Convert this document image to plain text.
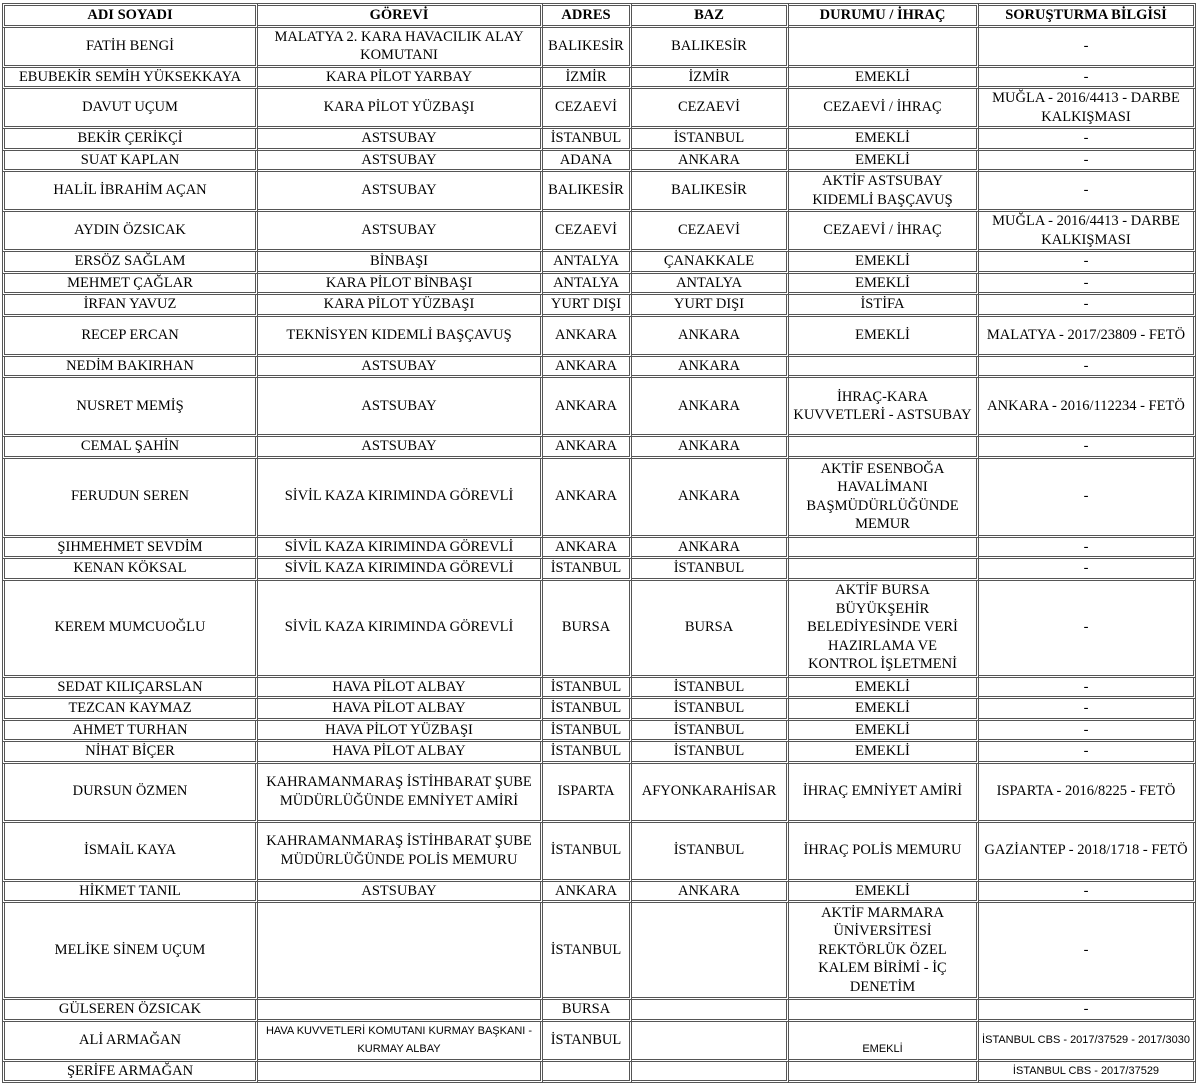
ADI SOYADI	GÖREVİ	ADRES	BAZ	DURUMU / İHRAÇ	SORUŞTURMA BİLGİSİ
FATİH BENGİ	MALATYA 2. KARA HAVACILIK ALAY KOMUTANI	BALIKESİR	BALIKESİR		-
EBUBEKİR SEMİH YÜKSEKKAYA	KARA PİLOT YARBAY	İZMİR	İZMİR	EMEKLİ	-
DAVUT UÇUM	KARA PİLOT YÜZBAŞI	CEZAEVİ	CEZAEVİ	CEZAEVİ / İHRAÇ	MUĞLA - 2016/4413 - DARBE KALKIŞMASI
BEKİR ÇERİKÇİ	ASTSUBAY	İSTANBUL	İSTANBUL	EMEKLİ	-
SUAT KAPLAN	ASTSUBAY	ADANA	ANKARA	EMEKLİ	-
HALİL İBRAHİM AÇAN	ASTSUBAY	BALIKESİR	BALIKESİR	AKTİF ASTSUBAY KIDEMLİ BAŞÇAVUŞ	-
AYDIN ÖZSICAK	ASTSUBAY	CEZAEVİ	CEZAEVİ	CEZAEVİ / İHRAÇ	MUĞLA - 2016/4413 - DARBE KALKIŞMASI
ERSÖZ SAĞLAM	BİNBAŞI	ANTALYA	ÇANAKKALE	EMEKLİ	-
MEHMET ÇAĞLAR	KARA PİLOT BİNBAŞI	ANTALYA	ANTALYA	EMEKLİ	-
İRFAN YAVUZ	KARA PİLOT YÜZBAŞI	YURT DIŞI	YURT DIŞI	İSTİFA	-
RECEP ERCAN	TEKNİSYEN KIDEMLİ BAŞÇAVUŞ	ANKARA	ANKARA	EMEKLİ	MALATYA - 2017/23809 - FETÖ
NEDİM BAKIRHAN	ASTSUBAY	ANKARA	ANKARA		-
NUSRET MEMİŞ	ASTSUBAY	ANKARA	ANKARA	İHRAÇ-KARA KUVVETLERİ - ASTSUBAY	ANKARA - 2016/112234 - FETÖ
CEMAL ŞAHİN	ASTSUBAY	ANKARA	ANKARA		-
FERUDUN SEREN	SİVİL KAZA KIRIMINDA GÖREVLİ	ANKARA	ANKARA	AKTİF ESENBOĞA HAVALİMANI BAŞMÜDÜRLÜĞÜNDE MEMUR	-
ŞIHMEHMET SEVDİM	SİVİL KAZA KIRIMINDA GÖREVLİ	ANKARA	ANKARA		-
KENAN KÖKSAL	SİVİL KAZA KIRIMINDA GÖREVLİ	İSTANBUL	İSTANBUL		-
KEREM MUMCUOĞLU	SİVİL KAZA KIRIMINDA GÖREVLİ	BURSA	BURSA	AKTİF BURSA BÜYÜKŞEHİR BELEDİYESİNDE VERİ HAZIRLAMA VE KONTROL İŞLETMENİ	-
SEDAT KILIÇARSLAN	HAVA PİLOT ALBAY	İSTANBUL	İSTANBUL	EMEKLİ	-
TEZCAN KAYMAZ	HAVA PİLOT ALBAY	İSTANBUL	İSTANBUL	EMEKLİ	-
AHMET TURHAN	HAVA PİLOT YÜZBAŞI	İSTANBUL	İSTANBUL	EMEKLİ	-
NİHAT BİÇER	HAVA PİLOT ALBAY	İSTANBUL	İSTANBUL	EMEKLİ	-
DURSUN ÖZMEN	KAHRAMANMARAŞ İSTİHBARAT ŞUBE MÜDÜRLÜĞÜNDE EMNİYET AMİRİ	ISPARTA	AFYONKARAHİSAR	İHRAÇ EMNİYET AMİRİ	ISPARTA - 2016/8225 - FETÖ
İSMAİL KAYA	KAHRAMANMARAŞ İSTİHBARAT ŞUBE MÜDÜRLÜĞÜNDE POLİS MEMURU	İSTANBUL	İSTANBUL	İHRAÇ POLİS MEMURU	GAZİANTEP - 2018/1718 - FETÖ
HİKMET TANIL	ASTSUBAY	ANKARA	ANKARA	EMEKLİ	-
MELİKE SİNEM UÇUM		İSTANBUL		AKTİF MARMARA ÜNİVERSİTESİ REKTÖRLÜK ÖZEL KALEM BİRİMİ - İÇ DENETİM	-
GÜLSEREN ÖZSICAK		BURSA			-
ALİ ARMAĞAN	HAVA KUVVETLERİ KOMUTANI KURMAY BAŞKANI - KURMAY ALBAY	İSTANBUL		EMEKLİ	İSTANBUL CBS - 2017/37529 - 2017/3030
ŞERİFE ARMAĞAN					İSTANBUL CBS - 2017/37529
